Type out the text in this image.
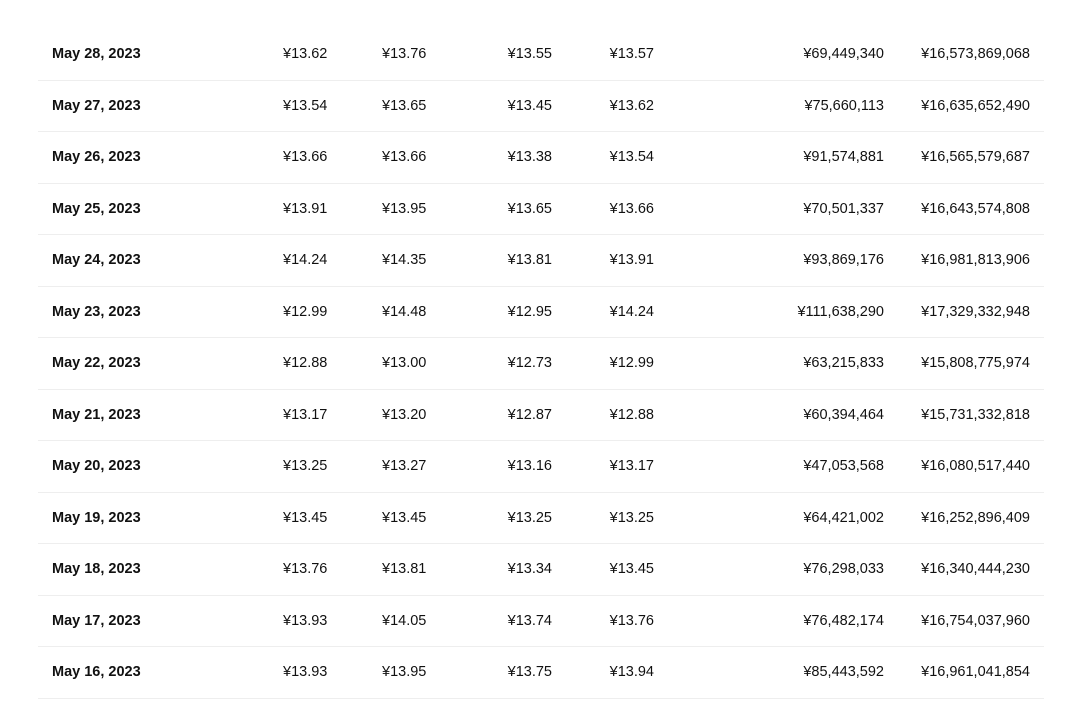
May 28, 2023	¥13.62	¥13.76	¥13.55	¥13.57	¥69,449,340	¥16,573,869,068
May 27, 2023	¥13.54	¥13.65	¥13.45	¥13.62	¥75,660,113	¥16,635,652,490
May 26, 2023	¥13.66	¥13.66	¥13.38	¥13.54	¥91,574,881	¥16,565,579,687
May 25, 2023	¥13.91	¥13.95	¥13.65	¥13.66	¥70,501,337	¥16,643,574,808
May 24, 2023	¥14.24	¥14.35	¥13.81	¥13.91	¥93,869,176	¥16,981,813,906
May 23, 2023	¥12.99	¥14.48	¥12.95	¥14.24	¥111,638,290	¥17,329,332,948
May 22, 2023	¥12.88	¥13.00	¥12.73	¥12.99	¥63,215,833	¥15,808,775,974
May 21, 2023	¥13.17	¥13.20	¥12.87	¥12.88	¥60,394,464	¥15,731,332,818
May 20, 2023	¥13.25	¥13.27	¥13.16	¥13.17	¥47,053,568	¥16,080,517,440
May 19, 2023	¥13.45	¥13.45	¥13.25	¥13.25	¥64,421,002	¥16,252,896,409
May 18, 2023	¥13.76	¥13.81	¥13.34	¥13.45	¥76,298,033	¥16,340,444,230
May 17, 2023	¥13.93	¥14.05	¥13.74	¥13.76	¥76,482,174	¥16,754,037,960
May 16, 2023	¥13.93	¥13.95	¥13.75	¥13.94	¥85,443,592	¥16,961,041,854
